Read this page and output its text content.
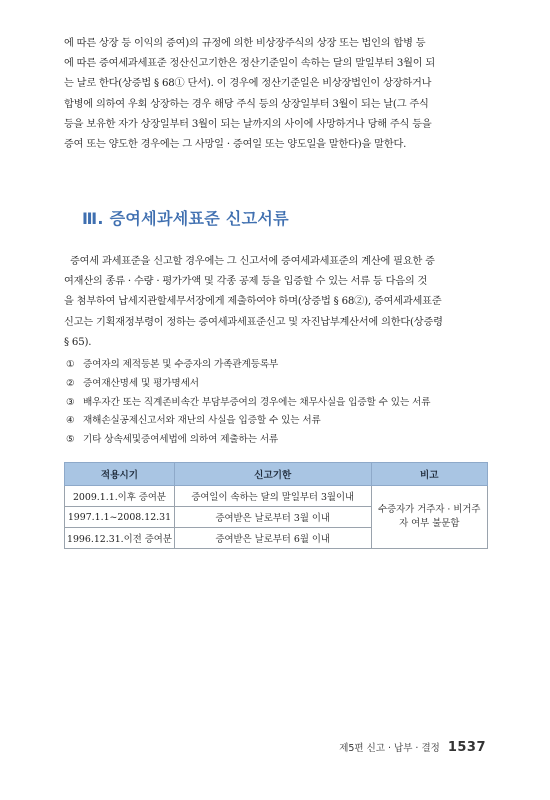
에 따른 상장 등 이익의 증여)의 규정에 의한 비상장주식의 상장 또는 법인의 합병 등
에 따른 증여세과세표준 정산신고기한은 정산기준일이 속하는 달의 말일부터 3월이 되
는 날로 한다(상증법 § 68① 단서). 이 경우에 정산기준일은 비상장법인이 상장하거나
합병에 의하여 우회 상장하는 경우 해당 주식 등의 상장일부터 3월이 되는 날(그 주식
등을 보유한 자가 상장일부터 3월이 되는 날까지의 사이에 사망하거나 당해 주식 등을
증여 또는 양도한 경우에는 그 사망일 · 증여일 또는 양도일을 말한다)을 말한다.

Ⅲ. 증여세과세표준 신고서류

증여세 과세표준을 신고할 경우에는 그 신고서에 증여세과세표준의 계산에 필요한 증
여재산의 종류 · 수량 · 평가가액 및 각종 공제 등을 입증할 수 있는 서류 등 다음의 것
을 첨부하여 납세지관할세무서장에게 제출하여야 하며(상증법 § 68②), 증여세과세표준
신고는 기획재정부령이 정하는 증여세과세표준신고 및 자진납부계산서에 의한다(상증령
§ 65).

① 증여자의 제적등본 및 수증자의 가족관계등록부
② 증여재산명세 및 평가명세서
③ 배우자간 또는 직계존비속간 부담부증여의 경우에는 채무사실을 입증할 수 있는 서류
④ 재해손실공제신고서와 재난의 사실을 입증할 수 있는 서류
⑤ 기타 상속세및증여세법에 의하여 제출하는 서류
적용시기	신고기한	비고
2009.1.1.이후 증여분	증여일이 속하는 달의 말일부터 3월이내	수증자가 거주자 · 비거주자 여부 불문함
1997.1.1~2008.12.31	증여받은 날로부터 3월 이내	
1996.12.31.이전 증여분	증여받은 날로부터 6월 이내	
제5편 신고 · 납부 · 결정 1537
